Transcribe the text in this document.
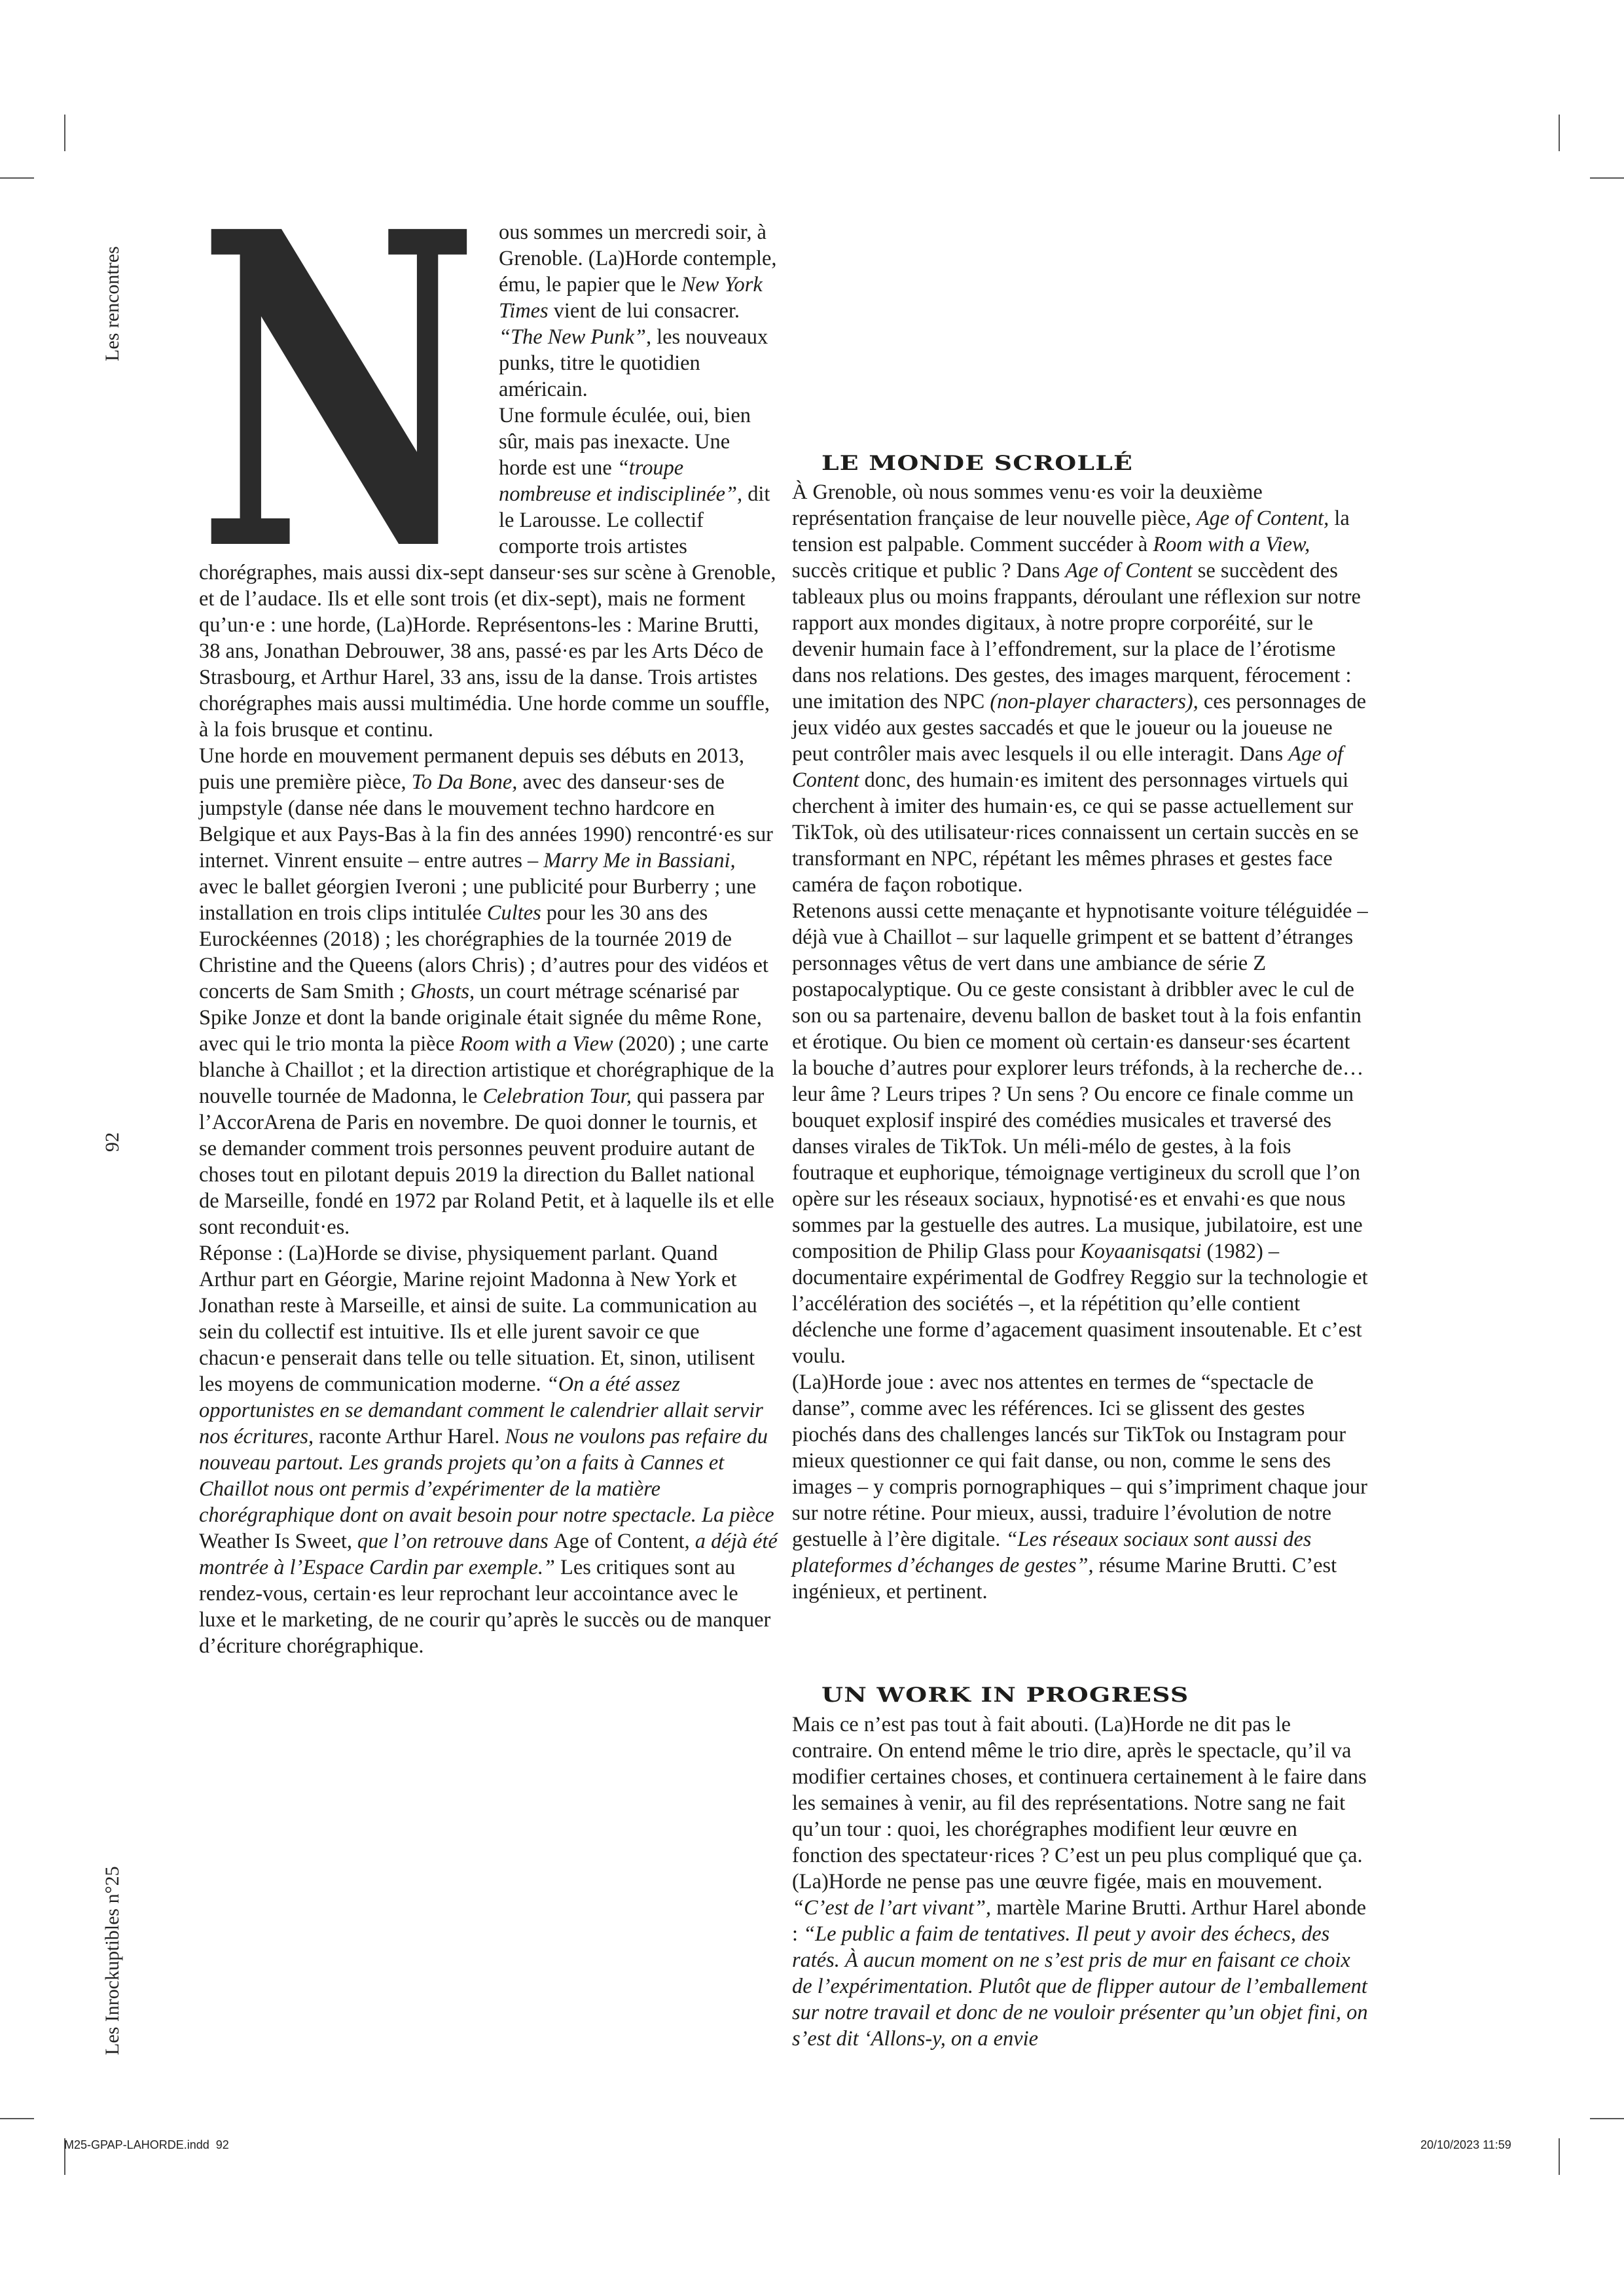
Les rencontres
92
Les Inrockuptibles n°25
N ous sommes un mercredi soir, à Grenoble. (La)Horde contemple, ému, le papier que le New York Times vient de lui consacrer. “The New Punk”, les nouveaux punks, titre le quotidien américain.

Une formule éculée, oui, bien sûr, mais pas inexacte. Une horde est une “troupe nombreuse et indisciplinée”, dit le Larousse. Le collectif comporte trois artistes chorégraphes, mais aussi dix-sept danseur·ses sur scène à Grenoble, et de l’audace. Ils et elle sont trois (et dix-sept), mais ne forment qu’un·e : une horde, (La)Horde. Représentons-les : Marine Brutti, 38 ans, Jonathan Debrouwer, 38 ans, passé·es par les Arts Déco de Strasbourg, et Arthur Harel, 33 ans, issu de la danse. Trois artistes chorégraphes mais aussi multimédia. Une horde comme un souffle, à la fois brusque et continu.

Une horde en mouvement permanent depuis ses débuts en 2013, puis une première pièce, To Da Bone, avec des danseur·ses de jumpstyle (danse née dans le mouvement techno hardcore en Belgique et aux Pays-Bas à la fin des années 1990) rencontré·es sur internet. Vinrent ensuite – entre autres – Marry Me in Bassiani, avec le ballet géorgien Iveroni ; une publicité pour Burberry ; une installation en trois clips intitulée Cultes pour les 30 ans des Eurockéennes (2018) ; les chorégraphies de la tournée 2019 de Christine and the Queens (alors Chris) ; d’autres pour des vidéos et concerts de Sam Smith ; Ghosts, un court métrage scénarisé par Spike Jonze et dont la bande originale était signée du même Rone, avec qui le trio monta la pièce Room with a View (2020) ; une carte blanche à Chaillot ; et la direction artistique et chorégraphique de la nouvelle tournée de Madonna, le Celebration Tour, qui passera par l’AccorArena de Paris en novembre. De quoi donner le tournis, et se demander comment trois personnes peuvent produire autant de choses tout en pilotant depuis 2019 la direction du Ballet national de Marseille, fondé en 1972 par Roland Petit, et à laquelle ils et elle sont reconduit·es.

Réponse : (La)Horde se divise, physiquement parlant. Quand Arthur part en Géorgie, Marine rejoint Madonna à New York et Jonathan reste à Marseille, et ainsi de suite. La communication au sein du collectif est intuitive. Ils et elle jurent savoir ce que chacun·e penserait dans telle ou telle situation. Et, sinon, utilisent les moyens de communication moderne. “On a été assez opportunistes en se demandant comment le calendrier allait servir nos écritures, raconte Arthur Harel. Nous ne voulons pas refaire du nouveau partout. Les grands projets qu’on a faits à Cannes et Chaillot nous ont permis d’expérimenter de la matière chorégraphique dont on avait besoin pour notre spectacle. La pièce Weather Is Sweet, que l’on retrouve dans Age of Content, a déjà été montrée à l’Espace Cardin par exemple.” Les critiques sont au rendez-vous, certain·es leur reprochant leur accointance avec le luxe et le marketing, de ne courir qu’après le succès ou de manquer d’écriture chorégraphique.

LE MONDE SCROLLÉ

À Grenoble, où nous sommes venu·es voir la deuxième représentation française de leur nouvelle pièce, Age of Content, la tension est palpable. Comment succéder à Room with a View, succès critique et public ? Dans Age of Content se succèdent des tableaux plus ou moins frappants, déroulant une réflexion sur notre rapport aux mondes digitaux, à notre propre corporéité, sur le devenir humain face à l’effondrement, sur la place de l’érotisme dans nos relations. Des gestes, des images marquent, férocement : une imitation des NPC (non-player characters), ces personnages de jeux vidéo aux gestes saccadés et que le joueur ou la joueuse ne peut contrôler mais avec lesquels il ou elle interagit. Dans Age of Content donc, des humain·es imitent des personnages virtuels qui cherchent à imiter des humain·es, ce qui se passe actuellement sur TikTok, où des utilisateur·rices connaissent un certain succès en se transformant en NPC, répétant les mêmes phrases et gestes face caméra de façon robotique.

Retenons aussi cette menaçante et hypnotisante voiture téléguidée – déjà vue à Chaillot – sur laquelle grimpent et se battent d’étranges personnages vêtus de vert dans une ambiance de série Z postapocalyptique. Ou ce geste consistant à dribbler avec le cul de son ou sa partenaire, devenu ballon de basket tout à la fois enfantin et érotique. Ou bien ce moment où certain·es danseur·ses écartent la bouche d’autres pour explorer leurs tréfonds, à la recherche de… leur âme ? Leurs tripes ? Un sens ? Ou encore ce finale comme un bouquet explosif inspiré des comédies musicales et traversé des danses virales de TikTok. Un méli-mélo de gestes, à la fois foutraque et euphorique, témoignage vertigineux du scroll que l’on opère sur les réseaux sociaux, hypnotisé·es et envahi·es que nous sommes par la gestuelle des autres. La musique, jubilatoire, est une composition de Philip Glass pour Koyaanisqatsi (1982) – documentaire expérimental de Godfrey Reggio sur la technologie et l’accélération des sociétés –, et la répétition qu’elle contient déclenche une forme d’agacement quasiment insoutenable. Et c’est voulu.

(La)Horde joue : avec nos attentes en termes de “spectacle de danse”, comme avec les références. Ici se glissent des gestes piochés dans des challenges lancés sur TikTok ou Instagram pour mieux questionner ce qui fait danse, ou non, comme le sens des images – y compris pornographiques – qui s’impriment chaque jour sur notre rétine. Pour mieux, aussi, traduire l’évolution de notre gestuelle à l’ère digitale. “Les réseaux sociaux sont aussi des plateformes d’échanges de gestes”, résume Marine Brutti. C’est ingénieux, et pertinent.

UN WORK IN PROGRESS

Mais ce n’est pas tout à fait abouti. (La)Horde ne dit pas le contraire. On entend même le trio dire, après le spectacle, qu’il va modifier certaines choses, et continuera certainement à le faire dans les semaines à venir, au fil des représentations. Notre sang ne fait qu’un tour : quoi, les chorégraphes modifient leur œuvre en fonction des spectateur·rices ? C’est un peu plus compliqué que ça. (La)Horde ne pense pas une œuvre figée, mais en mouvement. “C’est de l’art vivant”, martèle Marine Brutti. Arthur Harel abonde : “Le public a faim de tentatives. Il peut y avoir des échecs, des ratés. À aucun moment on ne s’est pris de mur en faisant ce choix de l’expérimentation. Plutôt que de flipper autour de l’emballement sur notre travail et donc de ne vouloir présenter qu’un objet fini, on s’est dit ‘Allons-y, on a envie

M25-GPAP-LAHORDE.indd 92	20/10/2023 11:59
